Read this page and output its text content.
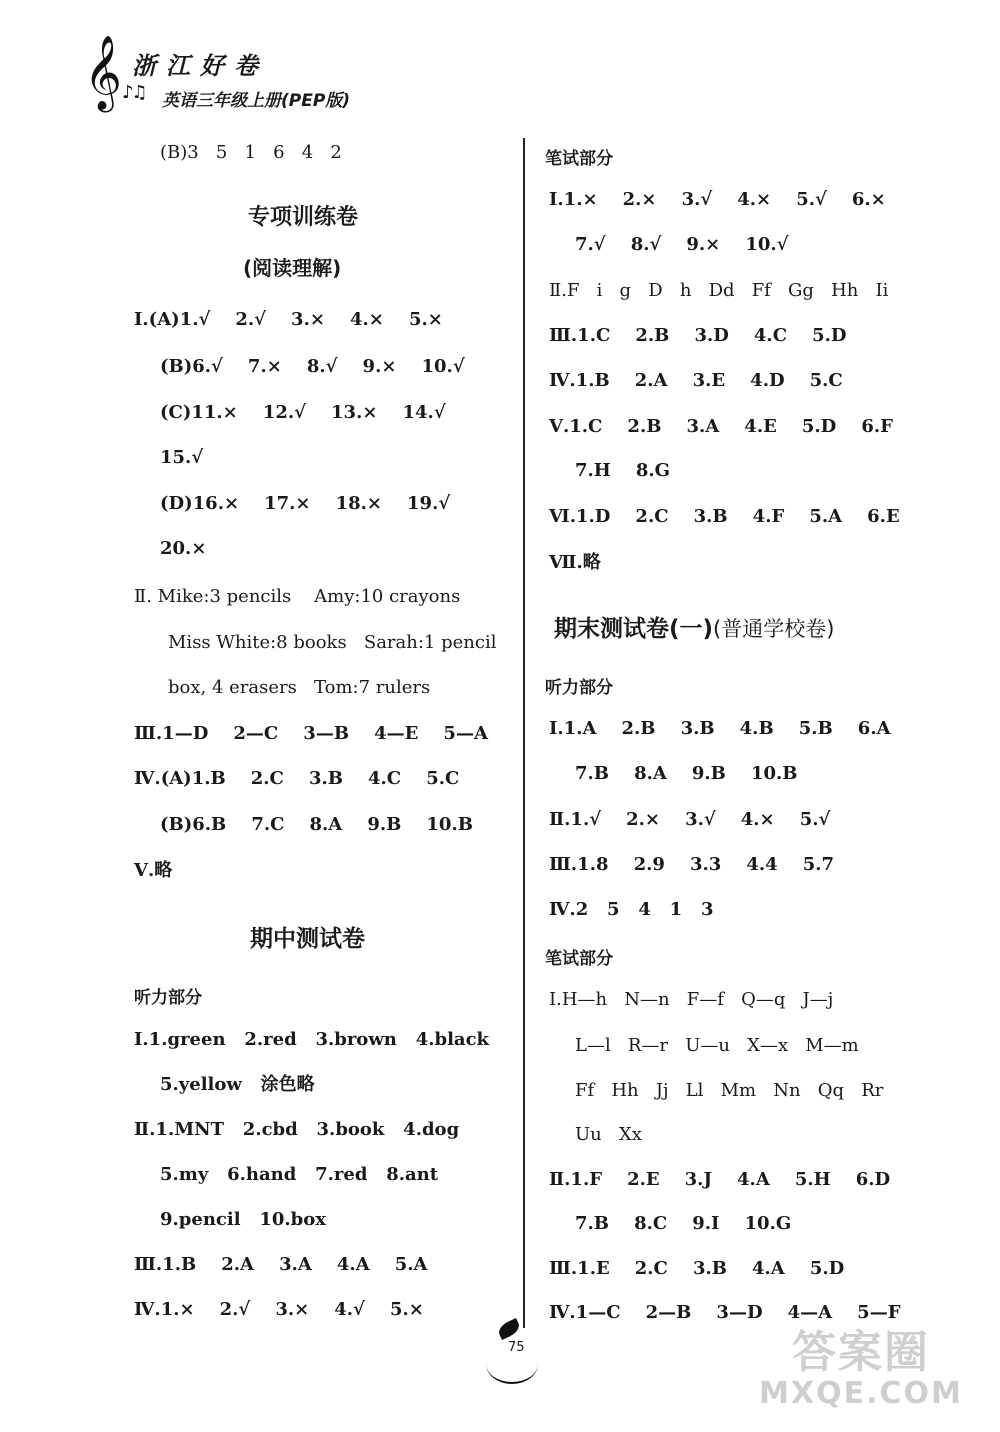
𝄞 ♪♫
浙江好卷
英语三年级上册(PEP版)
(B)3   5   1   6   4   2
专项训练卷
(阅读理解)
Ⅰ.(A)1.√    2.√    3.×    4.×    5.×
(B)6.√    7.×    8.√    9.×    10.√
(C)11.×    12.√    13.×    14.√
15.√
(D)16.×    17.×    18.×    19.√
20.×
Ⅱ. Mike:3 pencils    Amy:10 crayons
Miss White:8 books   Sarah:1 pencil
box, 4 erasers   Tom:7 rulers
Ⅲ.1—D    2—C    3—B    4—E    5—A
Ⅳ.(A)1.B    2.C    3.B    4.C    5.C
(B)6.B    7.C    8.A    9.B    10.B
Ⅴ.略
期中测试卷
听力部分
Ⅰ.1.green   2.red   3.brown   4.black
5.yellow   涂色略
Ⅱ.1.MNT   2.cbd   3.book   4.dog
5.my   6.hand   7.red   8.ant
9.pencil   10.box
Ⅲ.1.B    2.A    3.A    4.A    5.A
Ⅳ.1.×    2.√    3.×    4.√    5.×
笔试部分
Ⅰ.1.×    2.×    3.√    4.×    5.√    6.×
7.√    8.√    9.×    10.√
Ⅱ.F   i   g   D   h   Dd   Ff   Gg   Hh   Ii
Ⅲ.1.C    2.B    3.D    4.C    5.D
Ⅳ.1.B    2.A    3.E    4.D    5.C
Ⅴ.1.C    2.B    3.A    4.E    5.D    6.F
7.H    8.G
Ⅵ.1.D    2.C    3.B    4.F    5.A    6.E
Ⅶ.略
期末测试卷(一)(普通学校卷)
听力部分
Ⅰ.1.A    2.B    3.B    4.B    5.B    6.A
7.B    8.A    9.B    10.B
Ⅱ.1.√    2.×    3.√    4.×    5.√
Ⅲ.1.8    2.9    3.3    4.4    5.7
Ⅳ.2   5   4   1   3
笔试部分
Ⅰ.H—h   N—n   F—f   Q—q   J—j
L—l   R—r   U—u   X—x   M—m
Ff   Hh   Jj   Ll   Mm   Nn   Qq   Rr
Uu   Xx
Ⅱ.1.F    2.E    3.J    4.A    5.H    6.D
7.B    8.C    9.I    10.G
Ⅲ.1.E    2.C    3.B    4.A    5.D
Ⅳ.1—C    2—B    3—D    4—A    5—F
75	答案圈
MXQE.COM
